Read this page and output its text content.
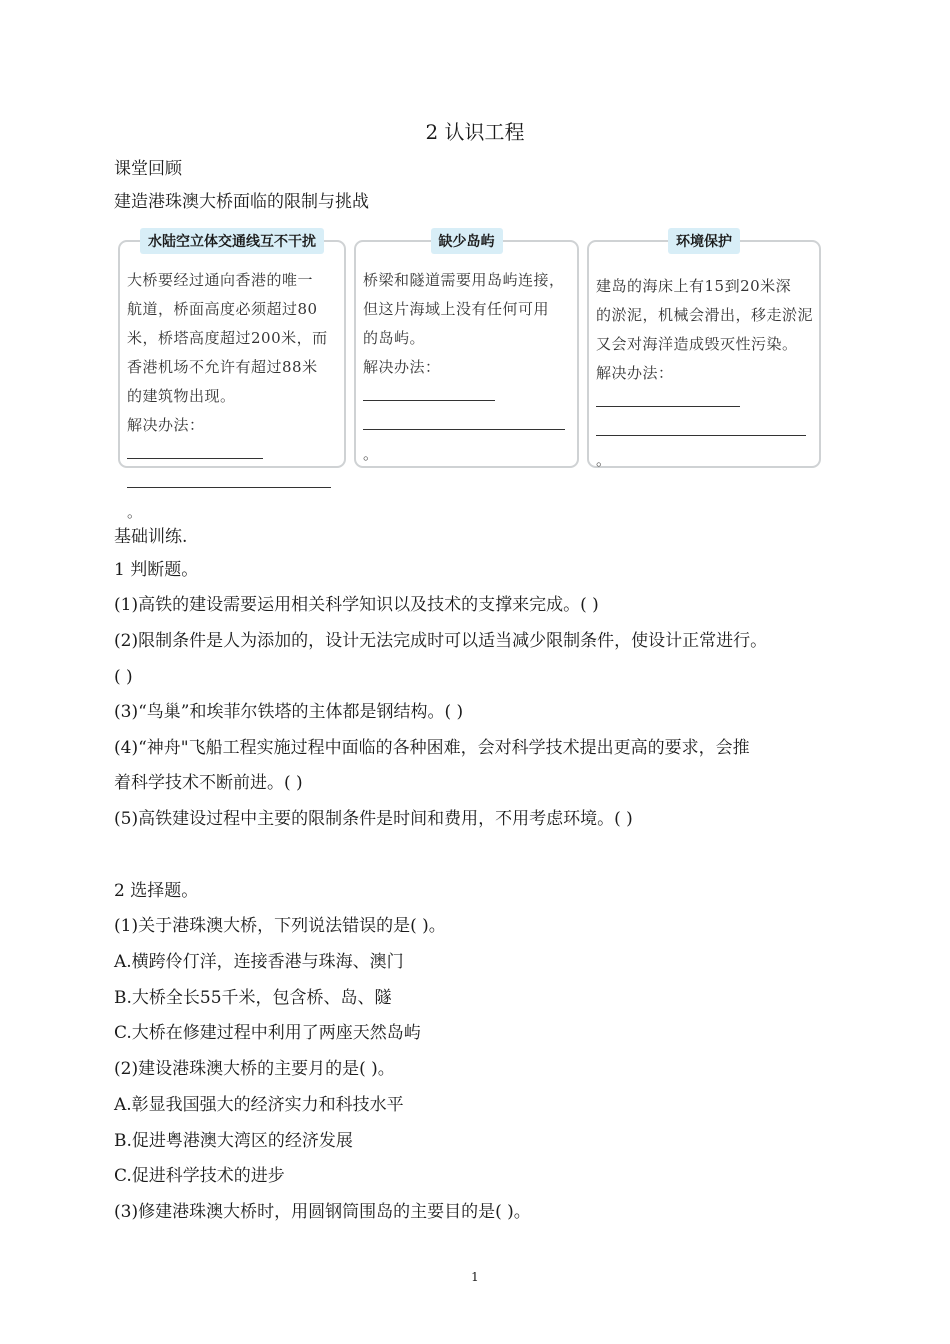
2 认识工程
课堂回顾
建造港珠澳大桥面临的限制与挑战
水陆空立体交通线互不干扰
大桥要经过通向香港的唯一
航道，桥面高度必须超过80
米，桥塔高度超过200米，而
香港机场不允许有超过88米
的建筑物出现。
解决办法：
。
缺少岛屿
桥梁和隧道需要用岛屿连接，
但这片海域上没有任何可用
的岛屿。
解决办法：
。
环境保护
建岛的海床上有15到20米深
的淤泥，机械会滑出，移走淤泥
又会对海洋造成毁灭性污染。
解决办法：
。
基础训练.
1 判断题。
(1)高铁的建设需要运用相关科学知识以及技术的支撑来完成。( )
(2)限制条件是人为添加的，设计无法完成时可以适当减少限制条件，使设计正常进行。
( )
(3)“鸟巢”和埃菲尔铁塔的主体都是钢结构。( )
(4)“神舟"飞船工程实施过程中面临的各种困难，会对科学技术提出更高的要求，会推
着科学技术不断前进。( )
(5)高铁建设过程中主要的限制条件是时间和费用，不用考虑环境。( )
2 选择题。
(1)关于港珠澳大桥，下列说法错误的是( )。
A.横跨伶仃洋，连接香港与珠海、澳门
B.大桥全长55千米，包含桥、岛、隧
C.大桥在修建过程中利用了两座天然岛屿
(2)建设港珠澳大桥的主要月的是( )。
A.彰显我国强大的经济实力和科技水平
B.促进粤港澳大湾区的经济发展
C.促进科学技术的进步
(3)修建港珠澳大桥时，用圆钢筒围岛的主要目的是( )。
1
